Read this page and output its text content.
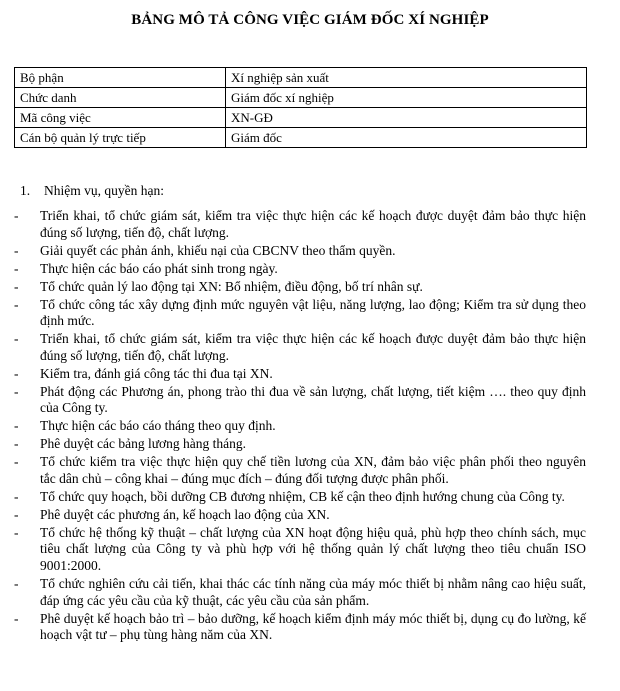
BẢNG MÔ TẢ CÔNG VIỆC GIÁM ĐỐC XÍ NGHIỆP
Bộ phận	Xí nghiệp sản xuất
Chức danh	Giám đốc xí nghiệp
Mã công việc	XN-GĐ
Cán bộ quản lý trực tiếp	Giám đốc
1. Nhiệm vụ, quyền hạn:
- Triển khai, tổ chức giám sát, kiểm tra việc thực hiện các kế hoạch được duyệt đảm bảo thực hiện đúng số lượng, tiến độ, chất lượng.
- Giải quyết các phản ánh, khiếu nại của CBCNV theo thẩm quyền.
- Thực hiện các báo cáo phát sinh trong ngày.
- Tổ chức quản lý lao động tại XN: Bổ nhiệm, điều động, bố trí nhân sự.
- Tổ chức công tác xây dựng định mức nguyên vật liệu, năng lượng, lao động; Kiểm tra sử dụng theo định mức.
- Triển khai, tổ chức giám sát, kiểm tra việc thực hiện các kế hoạch được duyệt đảm bảo thực hiện đúng số lượng, tiến độ, chất lượng.
- Kiểm tra, đánh giá công tác thi đua tại XN.
- Phát động các Phương án, phong trào thi đua về sản lượng, chất lượng, tiết kiệm …. theo quy định của Công ty.
- Thực hiện các báo cáo tháng theo quy định.
- Phê duyệt các bảng lương hàng tháng.
- Tổ chức kiểm tra việc thực hiện quy chế tiền lương của XN, đảm bảo việc phân phối theo nguyên tắc dân chủ – công khai – đúng mục đích – đúng đối tượng được phân phối.
- Tổ chức quy hoạch, bồi dưỡng CB đương nhiệm, CB kế cận theo định hướng chung của Công ty.
- Phê duyệt các phương án, kế hoạch lao động của XN.
- Tổ chức hệ thống kỹ thuật – chất lượng của XN hoạt động hiệu quả, phù hợp theo chính sách, mục tiêu chất lượng của Công ty và phù hợp với hệ thống quản lý chất lượng theo tiêu chuẩn ISO 9001:2000.
- Tổ chức nghiên cứu cải tiến, khai thác các tính năng của máy móc thiết bị nhằm nâng cao hiệu suất, đáp ứng các yêu cầu của kỹ thuật, các yêu cầu của sản phẩm.
- Phê duyệt kế hoạch bảo trì – bảo dưỡng, kế hoạch kiểm định máy móc thiết bị, dụng cụ đo lường, kế hoạch vật tư – phụ tùng hàng năm của XN.
